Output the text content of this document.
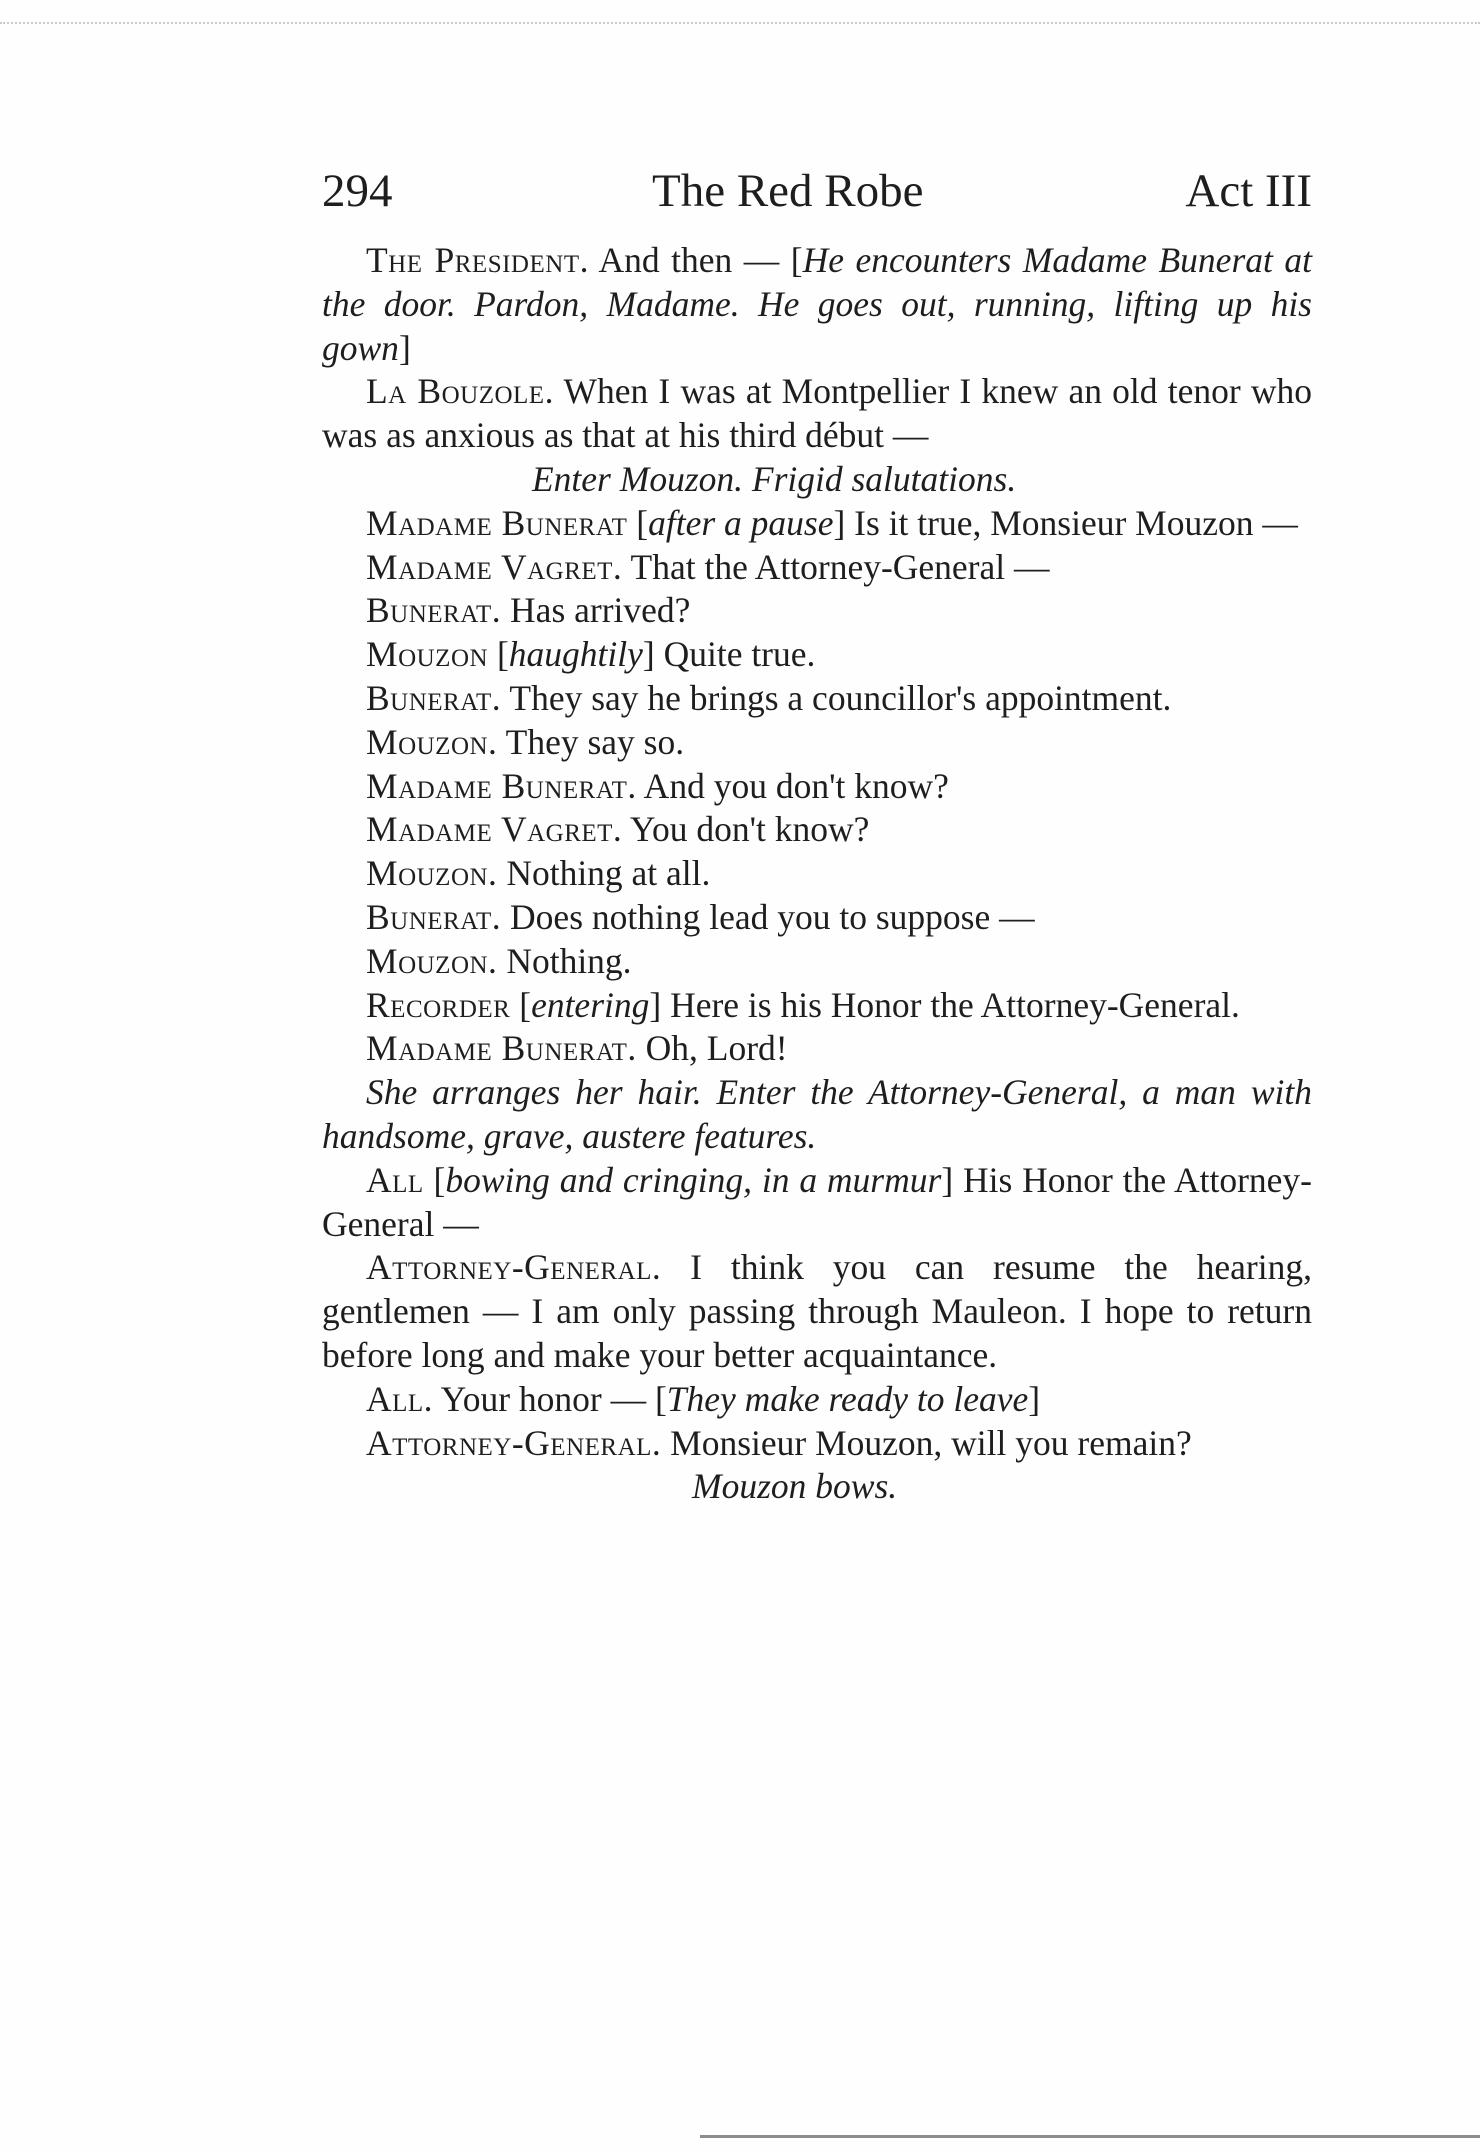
294	The Red Robe	Act III

The President. And then — [He encounters Madame Bunerat at the door. Pardon, Madame. He goes out, running, lifting up his gown]

La Bouzole. When I was at Montpellier I knew an old tenor who was as anxious as that at his third début —

Enter Mouzon. Frigid salutations.

Madame Bunerat [after a pause] Is it true, Monsieur Mouzon —

Madame Vagret. That the Attorney-General —

Bunerat. Has arrived?

Mouzon [haughtily] Quite true.

Bunerat. They say he brings a councillor's appointment.

Mouzon. They say so.

Madame Bunerat. And you don't know?

Madame Vagret. You don't know?

Mouzon. Nothing at all.

Bunerat. Does nothing lead you to suppose —

Mouzon. Nothing.

Recorder [entering] Here is his Honor the Attorney-General.

Madame Bunerat. Oh, Lord!

She arranges her hair. Enter the Attorney-General, a man with handsome, grave, austere features.

All [bowing and cringing, in a murmur] His Honor the Attorney-General —

Attorney-General. I think you can resume the hearing, gentlemen — I am only passing through Mauleon. I hope to return before long and make your better acquaintance.

All. Your honor — [They make ready to leave]

Attorney-General. Monsieur Mouzon, will you remain?

Mouzon bows.
